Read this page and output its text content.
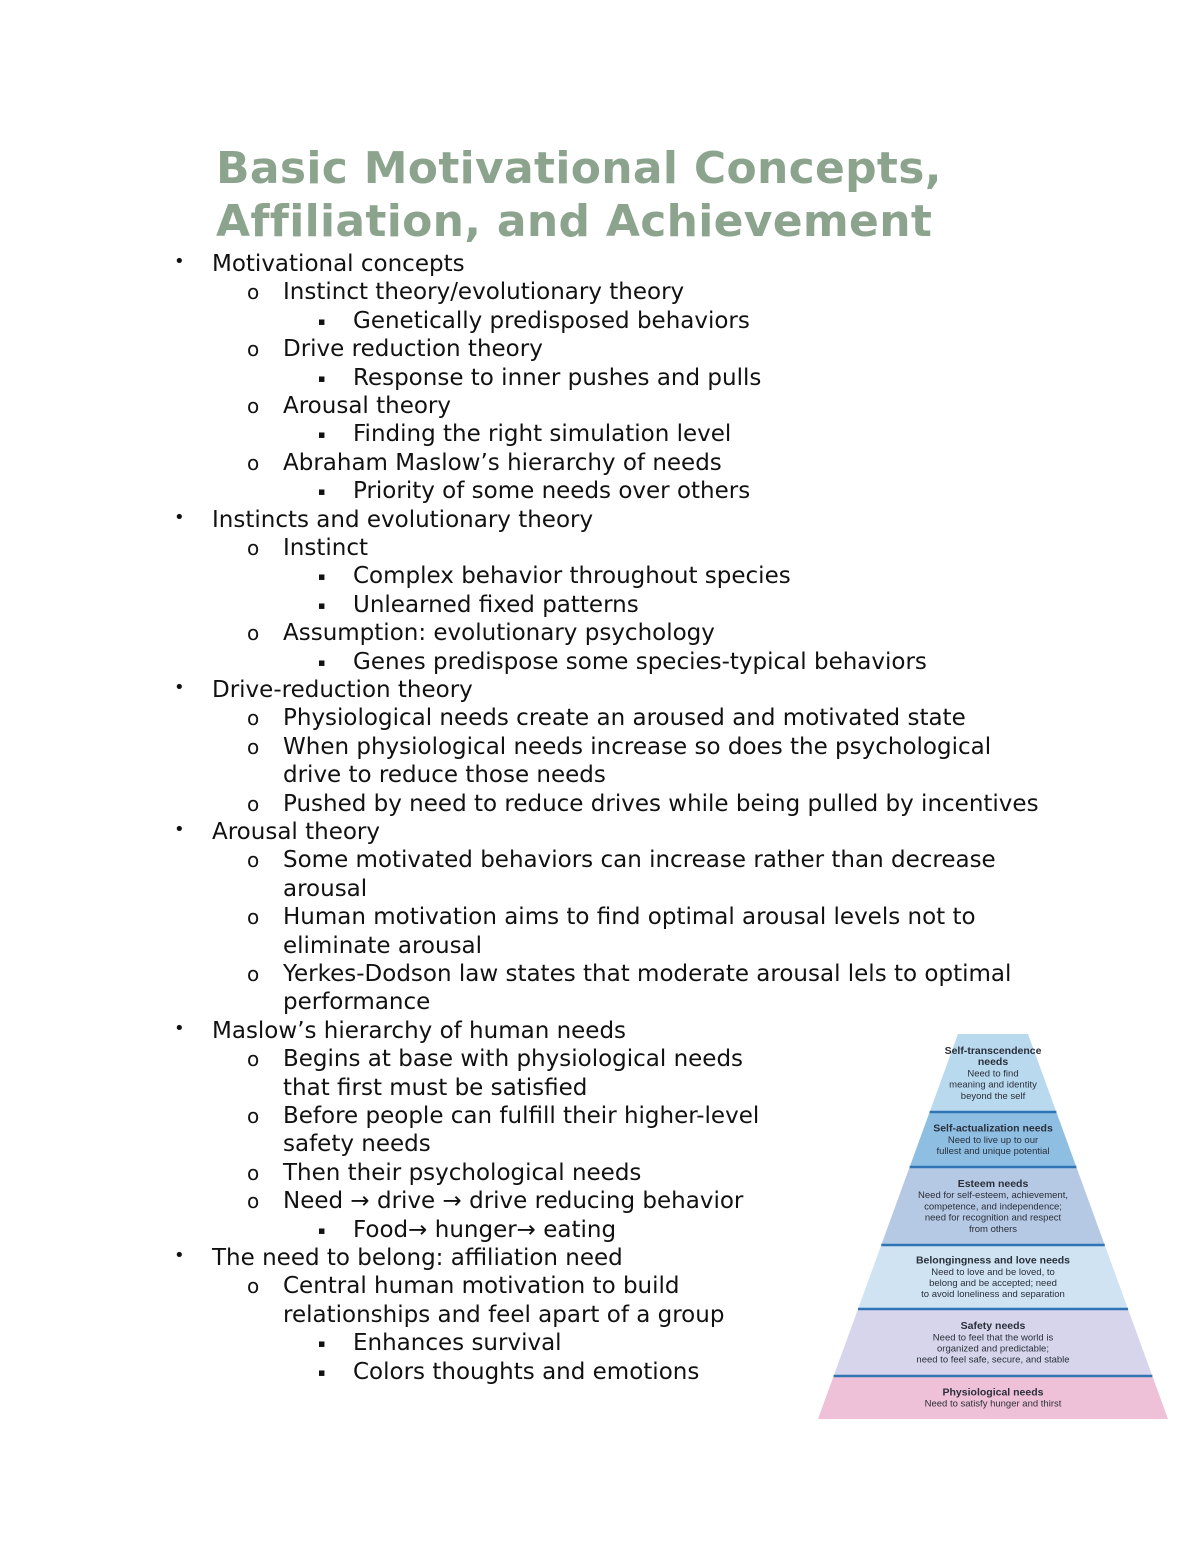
Basic Motivational Concepts,
Affiliation, and Achievement
Motivational concepts
•
Instinct theory/evolutionary theory
o
Genetically predisposed behaviors
▪
Drive reduction theory
o
Response to inner pushes and pulls
▪
Arousal theory
o
Finding the right simulation level
▪
Abraham Maslow’s hierarchy of needs
o
Priority of some needs over others
▪
Instincts and evolutionary theory
•
Instinct
o
Complex behavior throughout species
▪
Unlearned fixed patterns
▪
Assumption: evolutionary psychology
o
Genes predispose some species-typical behaviors
▪
Drive-reduction theory
•
Physiological needs create an aroused and motivated state
o
When physiological needs increase so does the psychological
o
drive to reduce those needs
Pushed by need to reduce drives while being pulled by incentives
o
Arousal theory
•
Some motivated behaviors can increase rather than decrease
o
arousal
Human motivation aims to find optimal arousal levels not to
o
eliminate arousal
Yerkes-Dodson law states that moderate arousal lels to optimal
o
performance
Maslow’s hierarchy of human needs
•
Begins at base with physiological needs
o
that first must be satisfied
Before people can fulfill their higher-level
o
safety needs
Then their psychological needs
o
Need → drive → drive reducing behavior
o
Food→ hunger→ eating
▪
The need to belong: affiliation need
•
Central human motivation to build
o
relationships and feel apart of a group
Enhances survival
▪
Colors thoughts and emotions
▪
Self-transcendence
needs
Need to find
meaning and identity
beyond the self
Self-actualization needs
Need to live up to our
fullest and unique potential
Esteem needs
Need for self-esteem, achievement,
competence, and independence;
need for recognition and respect
from others
Belongingness and love needs
Need to love and be loved, to
belong and be accepted; need
to avoid loneliness and separation
Safety needs
Need to feel that the world is
organized and predictable;
need to feel safe, secure, and stable
Physiological needs
Need to satisfy hunger and thirst
